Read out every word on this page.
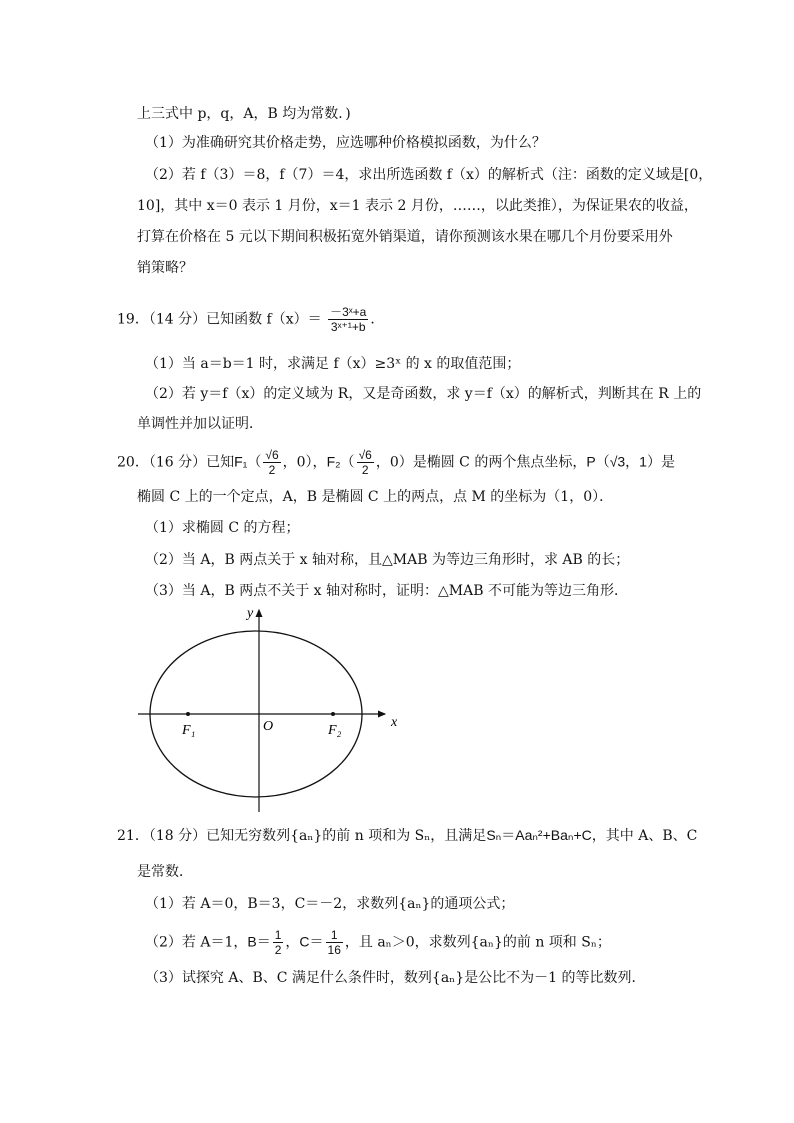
上三式中 p，q，A，B 均为常数．)
（1）为准确研究其价格走势，应选哪种价格模拟函数，为什么？
（2）若 f（3）＝8，f（7）＝4，求出所选函数 f（x）的解析式（注：函数的定义域是[0，
10]，其中 x＝0 表示 1 月份，x＝1 表示 2 月份，……，以此类推），为保证果农的收益，
打算在价格在 5 元以下期间积极拓宽外销渠道，请你预测该水果在哪几个月份要采用外
销策略？
19．（14 分）已知函数 $f(x)= \frac{\text{－3ˣ+a}}{\text{3ˣ⁺¹+b}}$ ．
（1）当 a＝b＝1 时，求满足 f（x）≥3ˣ 的 x 的取值范围；
（2）若 y＝f（x）的定义域为 R，又是奇函数，求 y＝f（x）的解析式，判断其在 R 上的
单调性并加以证明．
20．（16 分）已知$F_1( \frac{√6}{2}$ ，0），$F_2( \frac{√6}{2}$ ，0）是椭圆 C 的两个焦点坐标，P（√3，1）是
椭圆 C 上的一个定点，A，B 是椭圆 C 上的两点，点 M 的坐标为（1，0）．
（1）求椭圆 C 的方程；
（2）当 A，B 两点关于 x 轴对称，且△MAB 为等边三角形时，求 AB 的长；
（3）当 A，B 两点不关于 x 轴对称时，证明：△MAB 不可能为等边三角形．
y
x
O
F₁	F₂
21．（18 分）已知无穷数列{aₙ}的前 n 项和为 Sₙ，且满足Sₙ＝Aaₙ²+Baₙ+C，其中 A、B、C
是常数．
（1）若 A＝0，B＝3，C＝－2，求数列{aₙ}的通项公式；
（2）若 A＝1，$B= \frac{1}{2}$ ，$C= \frac{1}{16}$ ，且 aₙ＞0，求数列{aₙ}的前 n 项和 Sₙ；
（3）试探究 A、B、C 满足什么条件时，数列{aₙ}是公比不为－1 的等比数列．
